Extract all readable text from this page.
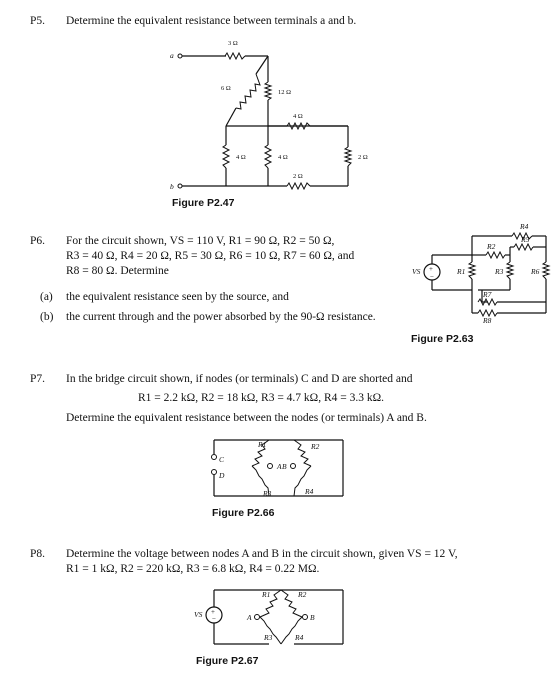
P5. Determine the equivalent resistance between terminals a and b.
a
b
3 Ω
6 Ω
12 Ω
4 Ω
4 Ω	4 Ω
2 Ω
2 Ω
Figure P2.47
P6. For the circuit shown, VS = 110 V, R1 = 90 Ω, R2 = 50 Ω,
R3 = 40 Ω, R4 = 20 Ω, R5 = 30 Ω, R6 = 10 Ω, R7 = 60 Ω, and
R8 = 80 Ω. Determine
(a) the equivalent resistance seen by the source, and
(b) the current through and the power absorbed by the 90-Ω resistance.
+
−
VS	R1
R2
R3
R4
R5
R6
R7
R8
Figure P2.63
P7. In the bridge circuit shown, if nodes (or terminals) C and D are shorted and
R1 = 2.2 kΩ, R2 = 18 kΩ, R3 = 4.7 kΩ, R4 = 3.3 kΩ.
Determine the equivalent resistance between the nodes (or terminals) A and B.
C
D
A B
R1	R2
R3	R4
Figure P2.66
P8. Determine the voltage between nodes A and B in the circuit shown, given VS = 12 V,
R1 = 1 kΩ, R2 = 220 kΩ, R3 = 6.8 kΩ, R4 = 0.22 MΩ.
+
−
VS	A	B
R1	R2
R3	R4
Figure P2.67
